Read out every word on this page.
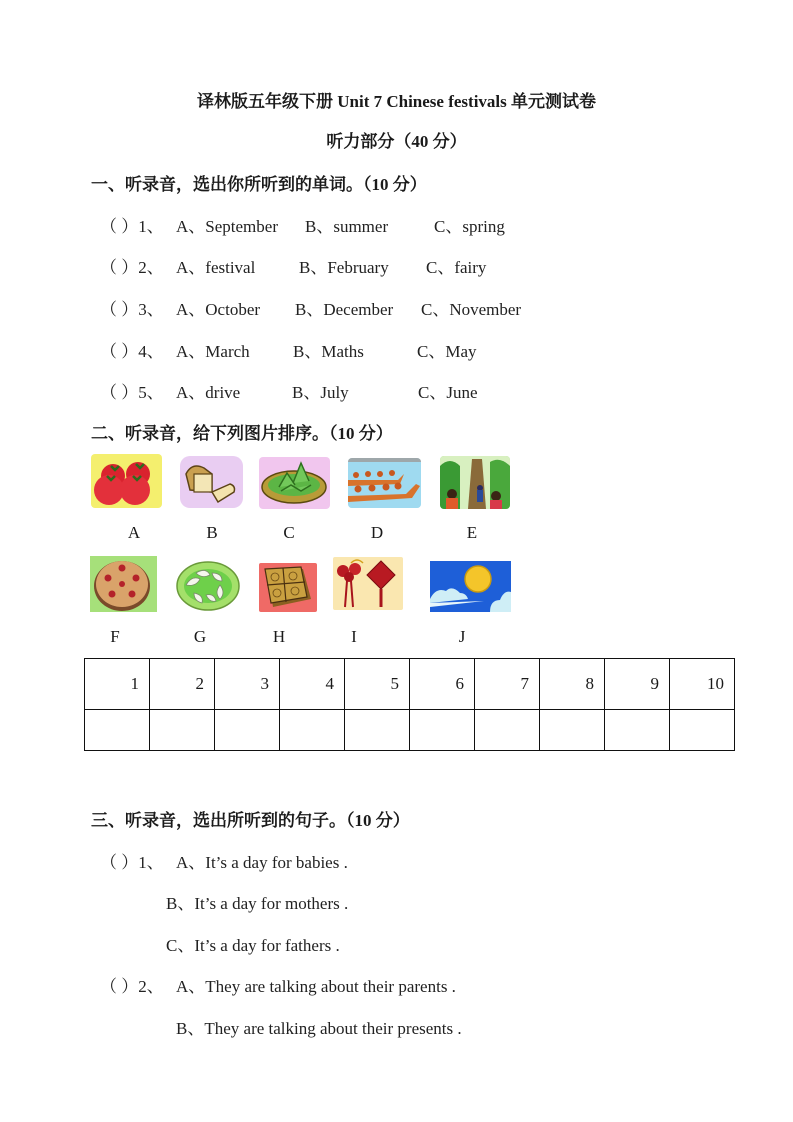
译林版五年级下册 Unit 7 Chinese festivals 单元测试卷
听力部分（40 分）
一、听录音，选出你所听到的单词。（10 分）
（ ）1、 A、September B、summer	C、spring
（ ）2、 A、festival	B、February C、fairy
（ ）3、 A、October B、December C、November
（ ）4、 A、March	B、Maths	C、May
（ ）5、 A、drive	B、July	C、June
二、听录音，给下列图片排序。（10 分）
A	B	C	D	E
F	G	H	I	J
1	2	3	4	5	6	7	8	9	10

三、听录音，选出所听到的句子。（10 分）
（ ）1、 A、It’s a day for babies .
B、It’s a day for mothers .
C、It’s a day for fathers .
（ ）2、 A、They are talking about their parents .
B、They are talking about their presents .
